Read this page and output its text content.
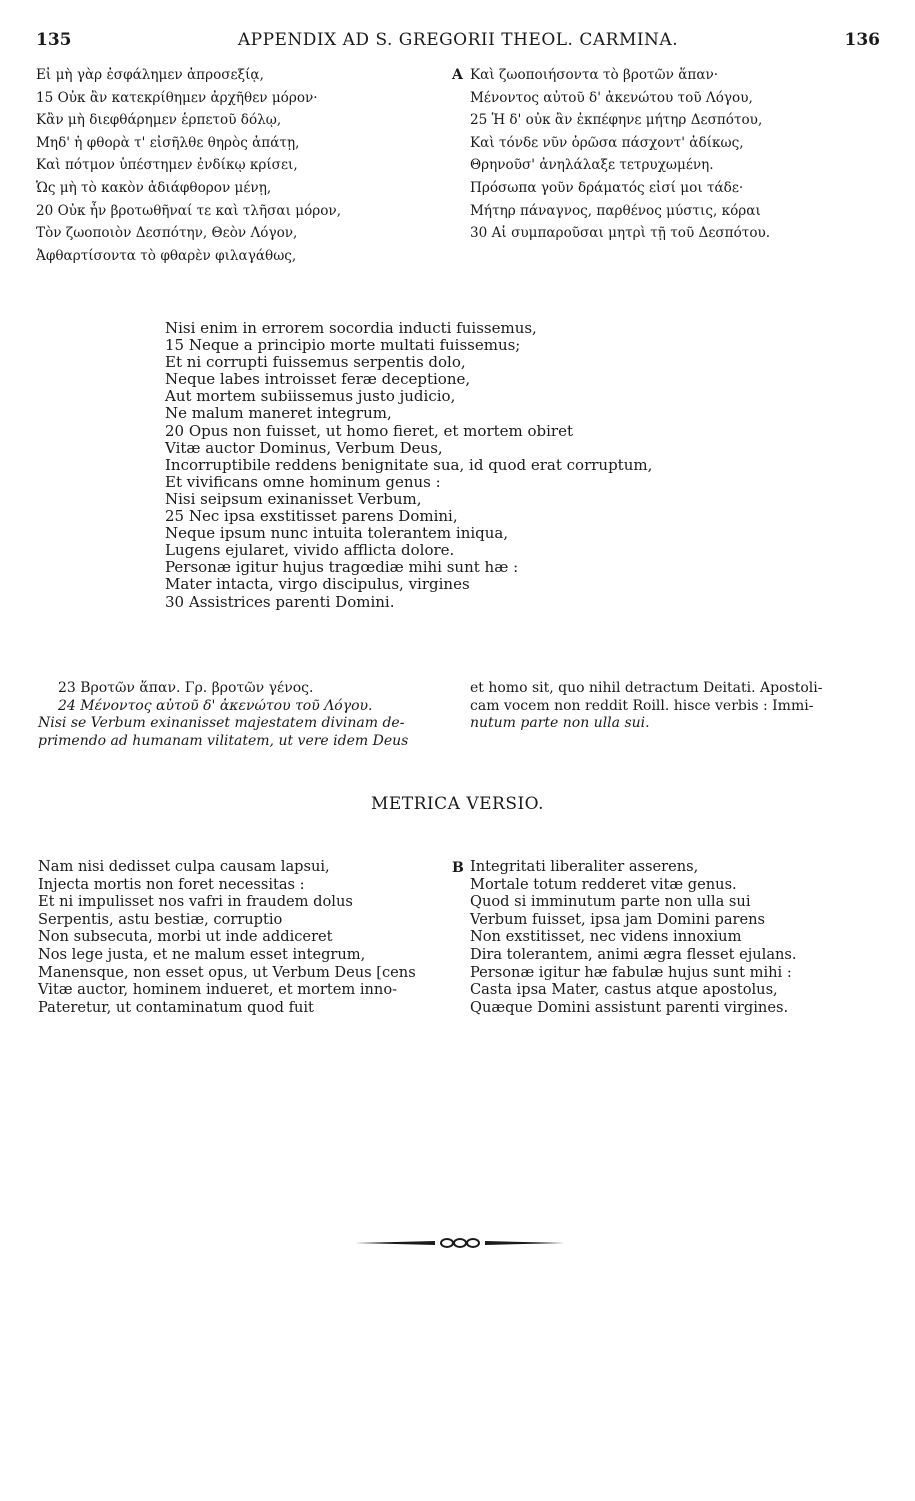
135	APPENDIX AD S. GREGORII THEOL. CARMINA.	136
Εἰ μὴ γὰρ ἐσφάλημεν ἀπροσεξίᾳ,
15 Οὐκ ἂν κατεκρίθημεν ἀρχῆθεν μόρον·
Κἂν μὴ διεφθάρημεν ἑρπετοῦ δόλῳ,
Μηδ' ἡ φθορὰ τ' εἰσῆλθε θηρὸς ἀπάτῃ,
Καὶ πότμον ὑπέστημεν ἐνδίκῳ κρίσει,
Ὡς μὴ τὸ κακὸν ἀδιάφθορον μένῃ,
20 Οὐκ ἦν βροτωθῆναί τε καὶ τλῆσαι μόρον,
Τὸν ζωοποιὸν Δεσπότην, Θεὸν Λόγον,
Ἀφθαρτίσοντα τὸ φθαρὲν φιλαγάθως,
A Καὶ ζωοποιήσοντα τὸ βροτῶν ἅπαν·
Μένοντος αὐτοῦ δ' ἀκενώτου τοῦ Λόγου,
25 Ἡ δ' οὐκ ἂν ἐκπέφηνε μήτηρ Δεσπότου,
Καὶ τόνδε νῦν ὁρῶσα πάσχοντ' ἀδίκως,
Θρηνοῦσ' ἀνηλάλαξε τετρυχωμένη.
Πρόσωπα γοῦν δράματός εἰσί μοι τάδε·
Μήτηρ πάναγνος, παρθένος μύστις, κόραι
30 Αἱ συμπαροῦσαι μητρὶ τῇ τοῦ Δεσπότου.
Nisi enim in errorem socordia inducti fuissemus,
15 Neque a principio morte multati fuissemus;
Et ni corrupti fuissemus serpentis dolo,
Neque labes introisset feræ deceptione,
Aut mortem subiissemus justo judicio,
Ne malum maneret integrum,
20 Opus non fuisset, ut homo fieret, et mortem obiret
Vitæ auctor Dominus, Verbum Deus,
Incorruptibile reddens benignitate sua, id quod erat corruptum,
Et vivificans omne hominum genus :
Nisi seipsum exinanisset Verbum,
25 Nec ipsa exstitisset parens Domini,
Neque ipsum nunc intuita tolerantem iniqua,
Lugens ejularet, vivido afflicta dolore.
Personæ igitur hujus tragœdiæ mihi sunt hæ :
Mater intacta, virgo discipulus, virgines
30 Assistrices parenti Domini.
23 Βροτῶν ἅπαν. Γρ. βροτῶν γένος.
24 Μένοντος αὐτοῦ δ' ἀκενώτου τοῦ Λόγου.
Nisi se Verbum exinanisset majestatem divinam de-
primendo ad humanam vilitatem, ut vere idem Deus
et homo sit, quo nihil detractum Deitati. Apostoli-
cam vocem non reddit Roill. hisce verbis : Immi-
nutum parte non ulla sui.
METRICA VERSIO.
Nam nisi dedisset culpa causam lapsui,
Injecta mortis non foret necessitas :
Et ni impulisset nos vafri in fraudem dolus
Serpentis, astu bestiæ, corruptio
Non subsecuta, morbi ut inde addiceret
Nos lege justa, et ne malum esset integrum,
Manensque, non esset opus, ut Verbum Deus [cens
Vitæ auctor, hominem indueret, et mortem inno-
Pateretur, ut contaminatum quod fuit
B Integritati liberaliter asserens,
Mortale totum redderet vitæ genus.
Quod si imminutum parte non ulla sui
Verbum fuisset, ipsa jam Domini parens
Non exstitisset, nec videns innoxium
Dira tolerantem, animi ægra flesset ejulans.
Personæ igitur hæ fabulæ hujus sunt mihi :
Casta ipsa Mater, castus atque apostolus,
Quæque Domini assistunt parenti virgines.
